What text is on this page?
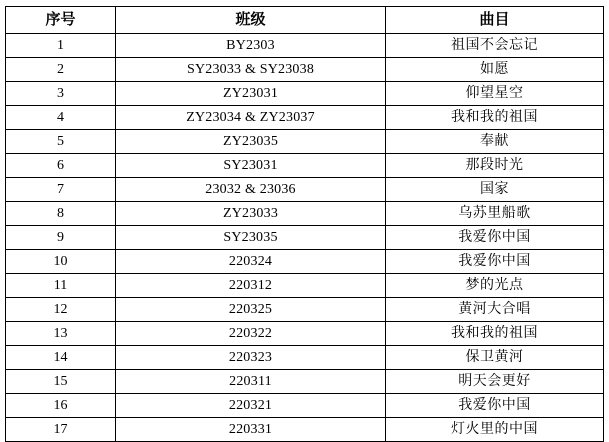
序号	班级	曲目
1	BY2303	祖国不会忘记
2	SY23033 & SY23038	如愿
3	ZY23031	仰望星空
4	ZY23034 & ZY23037	我和我的祖国
5	ZY23035	奉献
6	SY23031	那段时光
7	23032 & 23036	国家
8	ZY23033	乌苏里船歌
9	SY23035	我爱你中国
10	220324	我爱你中国
11	220312	梦的光点
12	220325	黄河大合唱
13	220322	我和我的祖国
14	220323	保卫黄河
15	220311	明天会更好
16	220321	我爱你中国
17	220331	灯火里的中国
